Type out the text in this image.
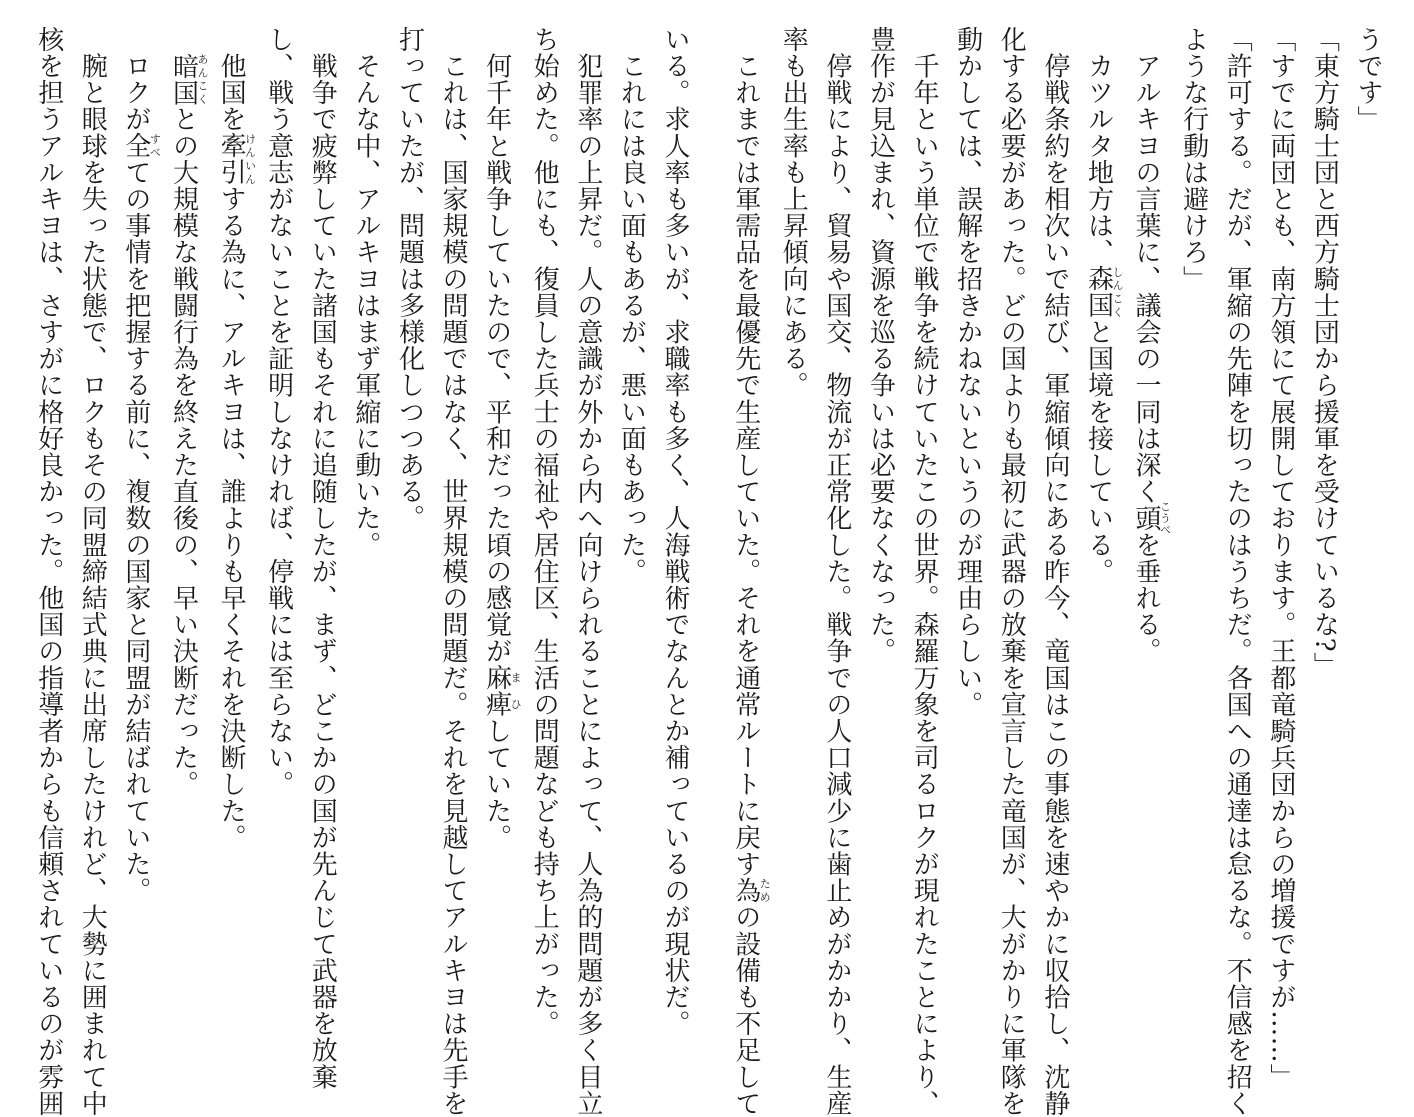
うです」
「東方騎士団と西方騎士団から援軍を受けているな?」
「すでに両団とも、南方領にて展開しております。王都竜騎兵団からの増援ですが……」
「許可する。だが、軍縮の先陣を切ったのはうちだ。各国への通達は怠るな。不信感を招く
ような行動は避けろ」
　アルキヨの言葉に、議会の一同は深く頭こうべを垂れる。
　カツルタ地方は、森国しんこくと国境を接している。
　停戦条約を相次いで結び、軍縮傾向にある昨今、竜国はこの事態を速やかに収拾し、沈静
化する必要があった。どの国よりも最初に武器の放棄を宣言した竜国が、大がかりに軍隊を
動かしては、誤解を招きかねないというのが理由らしい。
　千年という単位で戦争を続けていたこの世界。森羅万象を司るロクが現れたことにより、
豊作が見込まれ、資源を巡る争いは必要なくなった。
　停戦により、貿易や国交、物流が正常化した。戦争での人口減少に歯止めがかかり、生産
率も出生率も上昇傾向にある。
　これまでは軍需品を最優先で生産していた。それを通常ルートに戻す為ための設備も不足して
いる。求人率も多いが、求職率も多く、人海戦術でなんとか補っているのが現状だ。
　これには良い面もあるが、悪い面もあった。
　犯罪率の上昇だ。人の意識が外から内へ向けられることによって、人為的問題が多く目立
ち始めた。他にも、復員した兵士の福祉や居住区、生活の問題なども持ち上がった。
　何千年と戦争していたので、平和だった頃の感覚が麻痺まひしていた。
　これは、国家規模の問題ではなく、世界規模の問題だ。それを見越してアルキヨは先手を
打っていたが、問題は多様化しつつある。
　そんな中、アルキヨはまず軍縮に動いた。
　戦争で疲弊していた諸国もそれに追随したが、まず、どこかの国が先んじて武器を放棄
し、戦う意志がないことを証明しなければ、停戦には至らない。
　他国を牽引けんいんする為に、アルキヨは、誰よりも早くそれを決断した。
　暗国あんこくとの大規模な戦闘行為を終えた直後の、早い決断だった。
　ロクが全すべての事情を把握する前に、複数の国家と同盟が結ばれていた。
　腕と眼球を失った状態で、ロクもその同盟締結式典に出席したけれど、大勢に囲まれて中
核を担うアルキヨは、さすがに格好良かった。他国の指導者からも信頼されているのが雰囲
